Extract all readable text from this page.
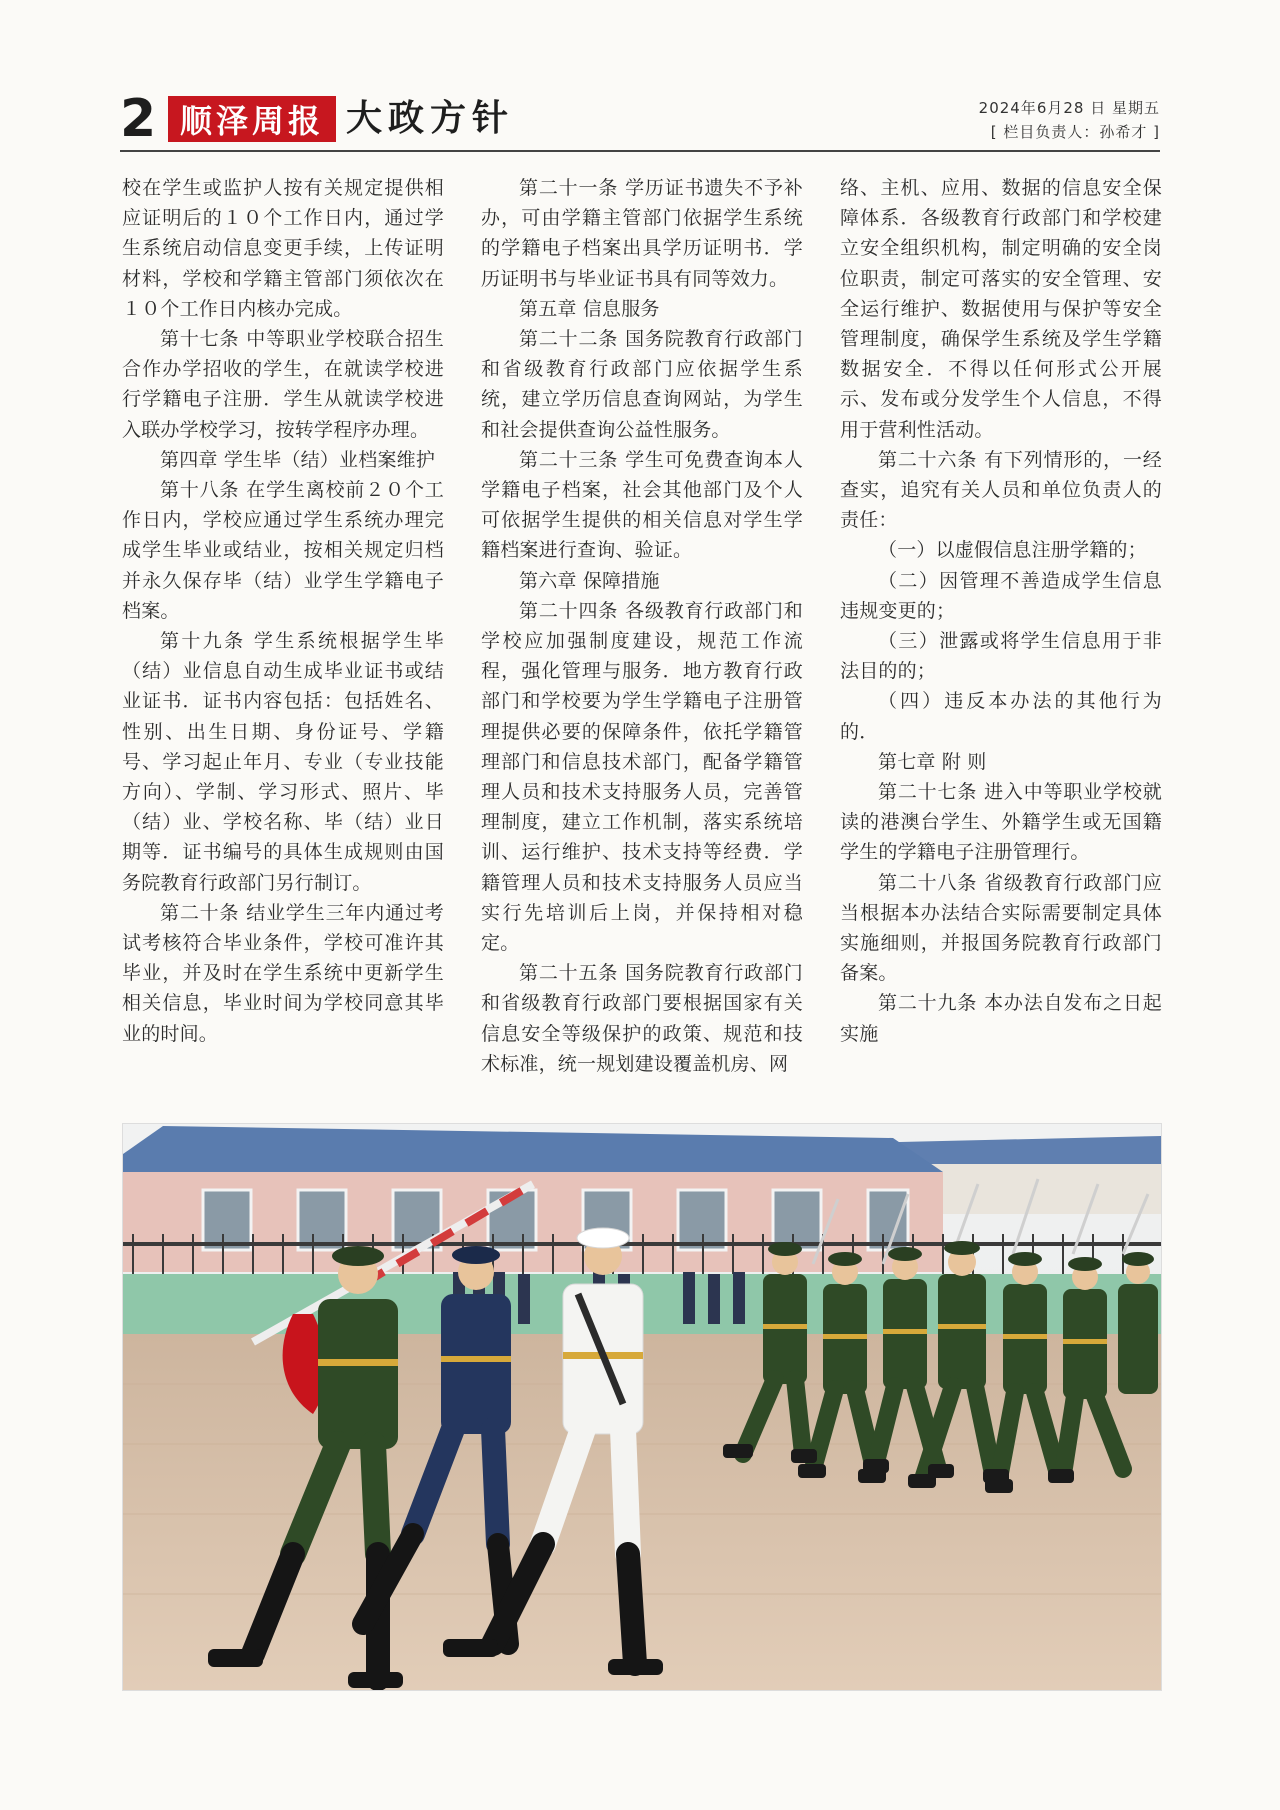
2 顺泽周报 大政方针	2024年6月28 日 星期五
[ 栏目负责人：孙希才 ]

校在学生或监护人按有关规定提供相应证明后的１０个工作日内，通过学生系统启动信息变更手续，上传证明材料，学校和学籍主管部门须依次在１０个工作日内核办完成。

第十七条 中等职业学校联合招生合作办学招收的学生，在就读学校进行学籍电子注册．学生从就读学校进入联办学校学习，按转学程序办理。

第四章 学生毕（结）业档案维护

第十八条 在学生离校前２０个工作日内，学校应通过学生系统办理完成学生毕业或结业，按相关规定归档并永久保存毕（结）业学生学籍电子档案。

第十九条 学生系统根据学生毕（结）业信息自动生成毕业证书或结业证书．证书内容包括：包括姓名、性别、出生日期、身份证号、学籍号、学习起止年月、专业（专业技能方向）、学制、学习形式、照片、毕（结）业、学校名称、毕（结）业日期等．证书编号的具体生成规则由国务院教育行政部门另行制订。

第二十条 结业学生三年内通过考试考核符合毕业条件，学校可准许其毕业，并及时在学生系统中更新学生相关信息，毕业时间为学校同意其毕业的时间。

第二十一条 学历证书遗失不予补办，可由学籍主管部门依据学生系统的学籍电子档案出具学历证明书．学历证明书与毕业证书具有同等效力。

第五章 信息服务

第二十二条 国务院教育行政部门和省级教育行政部门应依据学生系统，建立学历信息查询网站，为学生和社会提供查询公益性服务。

第二十三条 学生可免费查询本人学籍电子档案，社会其他部门及个人可依据学生提供的相关信息对学生学籍档案进行查询、验证。

第六章 保障措施

第二十四条 各级教育行政部门和学校应加强制度建设，规范工作流程，强化管理与服务．地方教育行政部门和学校要为学生学籍电子注册管理提供必要的保障条件，依托学籍管理部门和信息技术部门，配备学籍管理人员和技术支持服务人员，完善管理制度，建立工作机制，落实系统培训、运行维护、技术支持等经费．学籍管理人员和技术支持服务人员应当实行先培训后上岗，并保持相对稳定。

第二十五条 国务院教育行政部门和省级教育行政部门要根据国家有关信息安全等级保护的政策、规范和技术标准，统一规划建设覆盖机房、网

络、主机、应用、数据的信息安全保障体系．各级教育行政部门和学校建立安全组织机构，制定明确的安全岗位职责，制定可落实的安全管理、安全运行维护、数据使用与保护等安全管理制度，确保学生系统及学生学籍数据安全．不得以任何形式公开展示、发布或分发学生个人信息，不得用于营利性活动。

第二十六条 有下列情形的，一经查实，追究有关人员和单位负责人的责任：

（一）以虚假信息注册学籍的；

（二）因管理不善造成学生信息违规变更的；

（三）泄露或将学生信息用于非法目的的；

（四）违反本办法的其他行为的．

第七章 附 则

第二十七条 进入中等职业学校就读的港澳台学生、外籍学生或无国籍学生的学籍电子注册管理行。

第二十八条 省级教育行政部门应当根据本办法结合实际需要制定具体实施细则，并报国务院教育行政部门备案。

第二十九条 本办法自发布之日起实施
